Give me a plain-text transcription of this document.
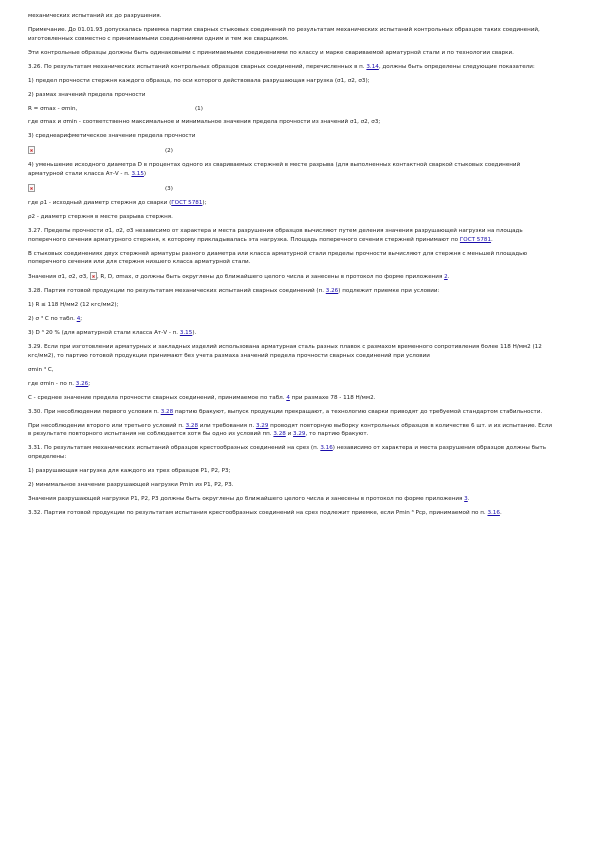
механических испытаний их до разрушения.

Примечание. До 01.01.93 допускалась приемка партии сварных стыковых соединений по результатам механических испытаний контрольных образцов таких соединений, изготовленных совместно с принимаемыми соединениями одним и тем же сварщиком.

Эти контрольные образцы должны быть одинаковыми с принимаемыми соединениями по классу и марке свариваемой арматурной стали и по технологии сварки.

3.26. По результатам механических испытаний контрольных образцов сварных соединений, перечисленных в п. 3.14, должны быть определены следующие показатели:

1) предел прочности стержня каждого образца, по оси которого действовала разрушающая нагрузка (σ1, σ2, σ3);

2) размах значений предела прочности

R = σmax - σmin,	(1)

где σmax и σmin - соответственно максимальное и минимальное значения предела прочности из значений σ1, σ2, σ3;

3) среднеарифметическое значение предела прочности

(2)

4) уменьшение исходного диаметра D в процентах одного из свариваемых стержней в месте разрыва (для выполненных контактной сваркой стыковых соединений арматурной стали класса Ат-V - п. 3.15)

(3)

где ρ1 - исходный диаметр стержня до сварки (ГОСТ 5781);

ρ2 - диаметр стержня в месте разрыва стержня.

3.27. Пределы прочности σ1, σ2, σ3 независимо от характера и места разрушения образцов вычисляют путем деления значения разрушающей нагрузки на площадь поперечного сечения арматурного стержня, к которому прикладывалась эта нагрузка. Площадь поперечного сечения стержней принимают по ГОСТ 5781.

В стыковых соединениях двух стержней арматуры разного диаметра или класса арматурной стали пределы прочности вычисляют для стержня с меньшей площадью поперечного сечения или для стержня низшего класса арматурной стали.

Значения σ1, σ2, σ3, , R, D, σmax, σ должны быть округлены до ближайшего целого числа и занесены в протокол по форме приложения 2.

3.28. Партия готовой продукции по результатам механических испытаний сварных соединений (п. 3.26) подлежит приемке при условии:

1) R ≤ 118 Н/мм2 (12 кгс/мм2);

2) σ ³ С по табл. 4;

3) D ³ 20 % (для арматурной стали класса Ат-V - п. 3.15).

3.29. Если при изготовлении арматурных и закладных изделий использована арматурная сталь разных плавок с размахом временного сопротивления более 118 Н/мм2 (12 кгс/мм2), то партию готовой продукции принимают без учета размаха значений предела прочности сварных соединений при условии

σmin ³ С,

где σmin - по п. 3.26;

С - среднее значение предела прочности сварных соединений, принимаемое по табл. 4 при размахе 78 - 118 Н/мм2.

3.30. При несоблюдении первого условия п. 3.28 партию бракуют, выпуск продукции прекращают, а технологию сварки приводят до требуемой стандартом стабильности.

При несоблюдении второго или третьего условий п. 3.28 или требования п. 3.29 проводят повторную выборку контрольных образцов в количестве 6 шт. и их испытание. Если в результате повторного испытания не соблюдается хотя бы одно из условий пп. 3.28 и 3.29, то партию бракуют.

3.31. По результатам механических испытаний образцов крестообразных соединений на срез (п. 3.16) независимо от характера и места разрушения образцов должны быть определены:

1) разрушающая нагрузка для каждого из трех образцов P1, P2, P3;

2) минимальное значение разрушающей нагрузки Pmin из P1, P2, P3.

Значения разрушающей нагрузки P1, P2, P3 должны быть округлены до ближайшего целого числа и занесены в протокол по форме приложения 3.

3.32. Партия готовой продукции по результатам испытания крестообразных соединений на срез подлежит приемке, если Pmin ³ Pcp, принимаемой по п. 3.16.
